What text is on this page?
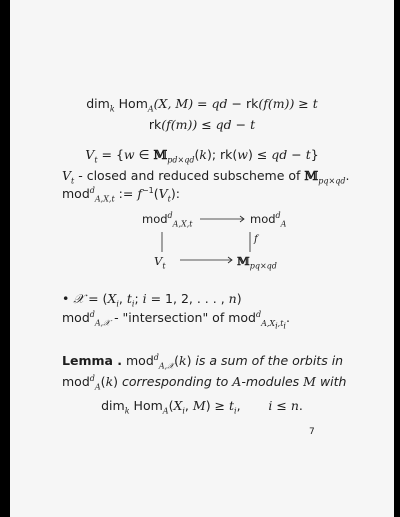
dim$_k$ Hom$_A$(X, M) = qd − rk(f(m)) ≥ t
rk(f(m)) ≤ qd − t
$V_t = \{w$ ∈ 𝕄$_{pd\times qd}$(k); rk(w) ≤ qd − t}
$V_t$ - closed and reduced subscheme of 𝕄$_{pq\times qd}$.
mod$^d_{A,X,t}$ := $f^{-1}(V_t)$:
mod$^d_{A,X,t}$	mod$^d_A$
$V_t$	𝕄$_{pq\times qd}$
f
• 𝒳 = ($X_i$, $t_i$; i = 1, 2, . . . , n)
mod$^d_{A,𝒳}$ - "intersection" of mod$^d_{A,X_i,t_i}$.
Lemma . mod$^d_{A,𝒳}$(k) is a sum of the orbits in
mod$^d_A$(k) corresponding to A-modules M with
dim$_k$ $Hom_A(X_i$, $M) \ge t_i$,       i ≤ n.
7
